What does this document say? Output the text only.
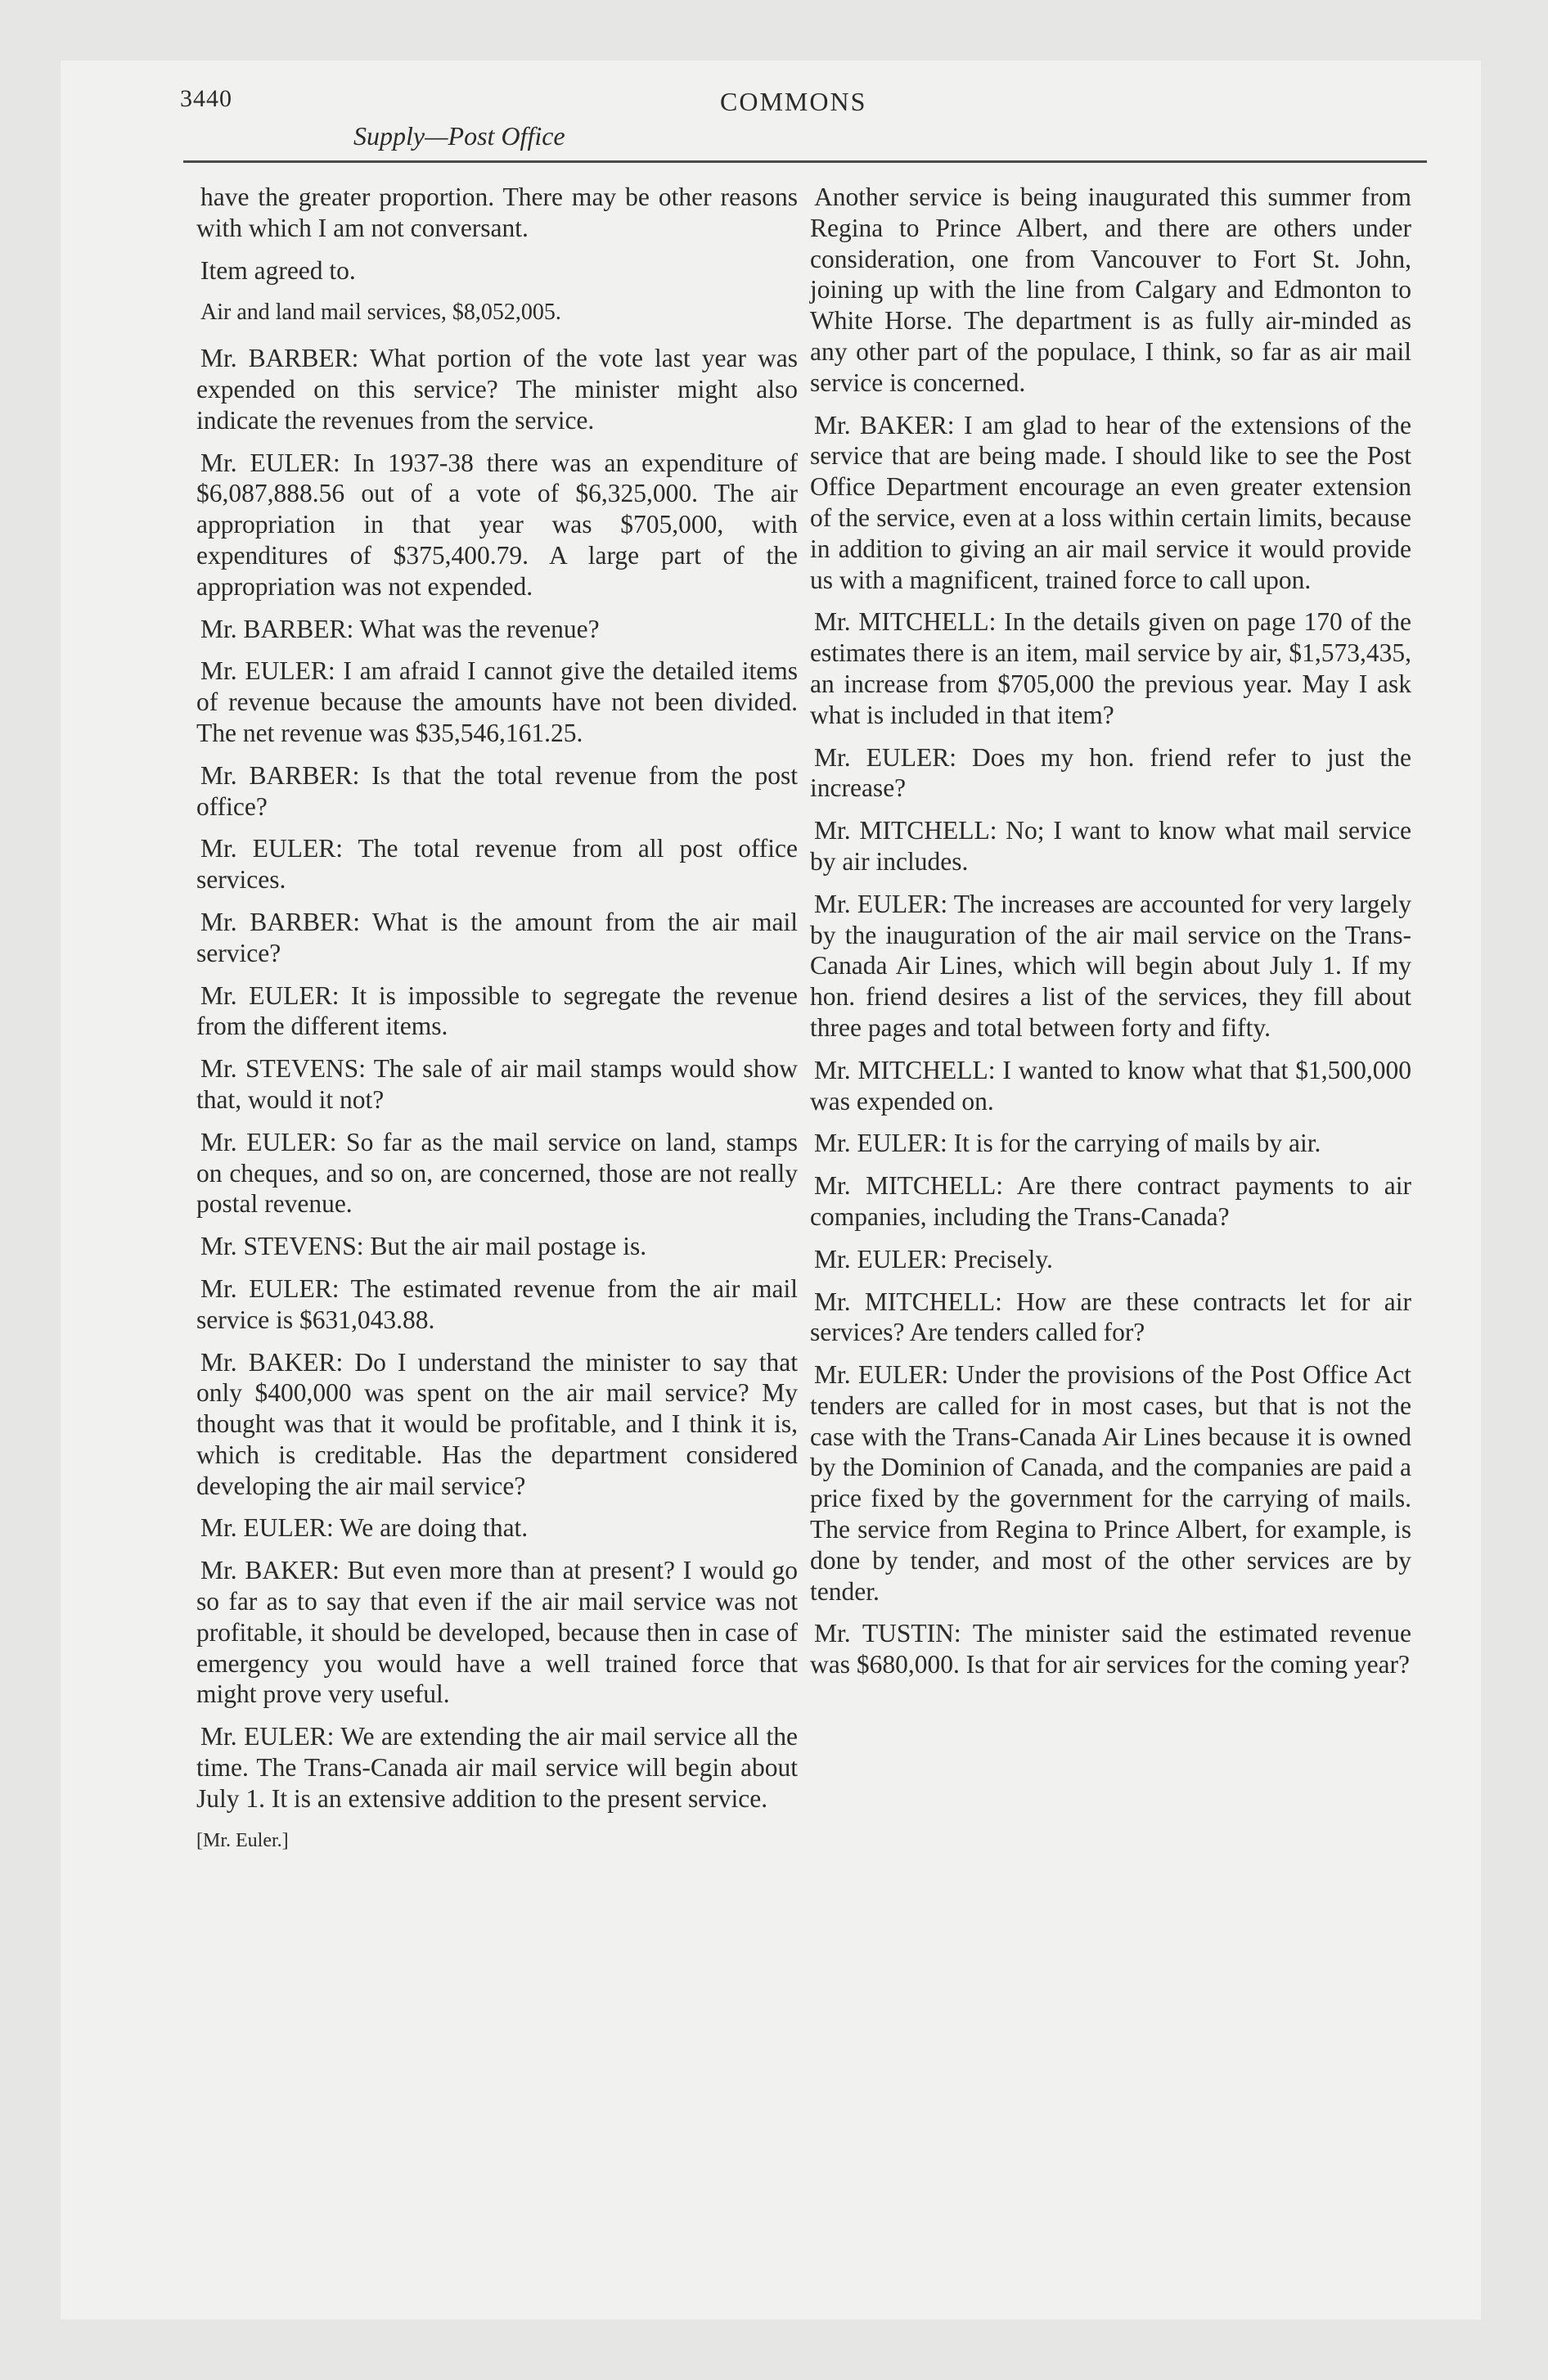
3440
Supply—Post Office
COMMONS

have the greater proportion. There may be other reasons with which I am not conversant.

Item agreed to.

Air and land mail services, $8,052,005.

Mr. BARBER: What portion of the vote last year was expended on this service? The minister might also indicate the revenues from the service.

Mr. EULER: In 1937-38 there was an expenditure of $6,087,888.56 out of a vote of $6,325,000. The air appropriation in that year was $705,000, with expenditures of $375,400.79. A large part of the appropriation was not expended.

Mr. BARBER: What was the revenue?

Mr. EULER: I am afraid I cannot give the detailed items of revenue because the amounts have not been divided. The net revenue was $35,546,161.25.

Mr. BARBER: Is that the total revenue from the post office?

Mr. EULER: The total revenue from all post office services.

Mr. BARBER: What is the amount from the air mail service?

Mr. EULER: It is impossible to segregate the revenue from the different items.

Mr. STEVENS: The sale of air mail stamps would show that, would it not?

Mr. EULER: So far as the mail service on land, stamps on cheques, and so on, are concerned, those are not really postal revenue.

Mr. STEVENS: But the air mail postage is.

Mr. EULER: The estimated revenue from the air mail service is $631,043.88.

Mr. BAKER: Do I understand the minister to say that only $400,000 was spent on the air mail service? My thought was that it would be profitable, and I think it is, which is creditable. Has the department considered developing the air mail service?

Mr. EULER: We are doing that.

Mr. BAKER: But even more than at present? I would go so far as to say that even if the air mail service was not profitable, it should be developed, because then in case of emergency you would have a well trained force that might prove very useful.

Mr. EULER: We are extending the air mail service all the time. The Trans-Canada air mail service will begin about July 1. It is an extensive addition to the present service.

[Mr. Euler.]

Another service is being inaugurated this summer from Regina to Prince Albert, and there are others under consideration, one from Vancouver to Fort St. John, joining up with the line from Calgary and Edmonton to White Horse. The department is as fully air-minded as any other part of the populace, I think, so far as air mail service is concerned.

Mr. BAKER: I am glad to hear of the extensions of the service that are being made. I should like to see the Post Office Department encourage an even greater extension of the service, even at a loss within certain limits, because in addition to giving an air mail service it would provide us with a magnificent, trained force to call upon.

Mr. MITCHELL: In the details given on page 170 of the estimates there is an item, mail service by air, $1,573,435, an increase from $705,000 the previous year. May I ask what is included in that item?

Mr. EULER: Does my hon. friend refer to just the increase?

Mr. MITCHELL: No; I want to know what mail service by air includes.

Mr. EULER: The increases are accounted for very largely by the inauguration of the air mail service on the Trans-Canada Air Lines, which will begin about July 1. If my hon. friend desires a list of the services, they fill about three pages and total between forty and fifty.

Mr. MITCHELL: I wanted to know what that $1,500,000 was expended on.

Mr. EULER: It is for the carrying of mails by air.

Mr. MITCHELL: Are there contract payments to air companies, including the Trans-Canada?

Mr. EULER: Precisely.

Mr. MITCHELL: How are these contracts let for air services? Are tenders called for?

Mr. EULER: Under the provisions of the Post Office Act tenders are called for in most cases, but that is not the case with the Trans-Canada Air Lines because it is owned by the Dominion of Canada, and the companies are paid a price fixed by the government for the carrying of mails. The service from Regina to Prince Albert, for example, is done by tender, and most of the other services are by tender.

Mr. TUSTIN: The minister said the estimated revenue was $680,000. Is that for air services for the coming year?
